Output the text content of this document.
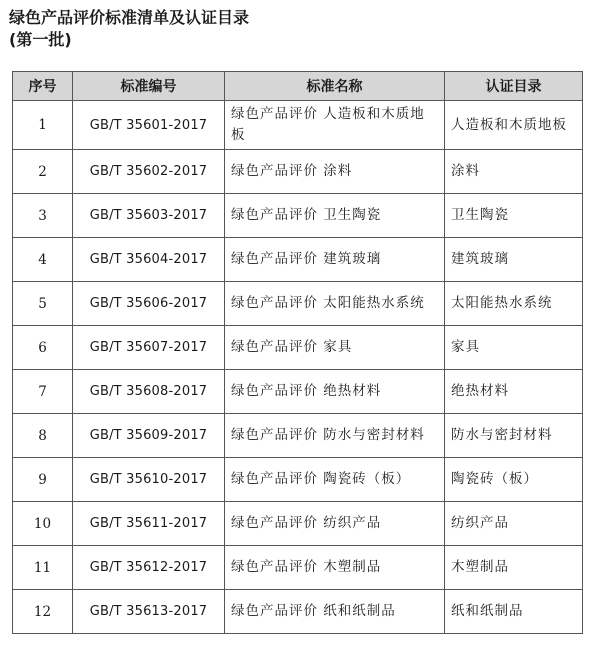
绿色产品评价标准清单及认证目录
(第一批)
序号	标准编号	标准名称	认证目录
1	GB/T 35601-2017	绿色产品评价 人造板和木质地板	人造板和木质地板
2	GB/T 35602-2017	绿色产品评价 涂料	涂料
3	GB/T 35603-2017	绿色产品评价 卫生陶瓷	卫生陶瓷
4	GB/T 35604-2017	绿色产品评价 建筑玻璃	建筑玻璃
5	GB/T 35606-2017	绿色产品评价 太阳能热水系统	太阳能热水系统
6	GB/T 35607-2017	绿色产品评价 家具	家具
7	GB/T 35608-2017	绿色产品评价 绝热材料	绝热材料
8	GB/T 35609-2017	绿色产品评价 防水与密封材料	防水与密封材料
9	GB/T 35610-2017	绿色产品评价 陶瓷砖（板）	陶瓷砖（板）
10	GB/T 35611-2017	绿色产品评价 纺织产品	纺织产品
11	GB/T 35612-2017	绿色产品评价 木塑制品	木塑制品
12	GB/T 35613-2017	绿色产品评价 纸和纸制品	纸和纸制品
